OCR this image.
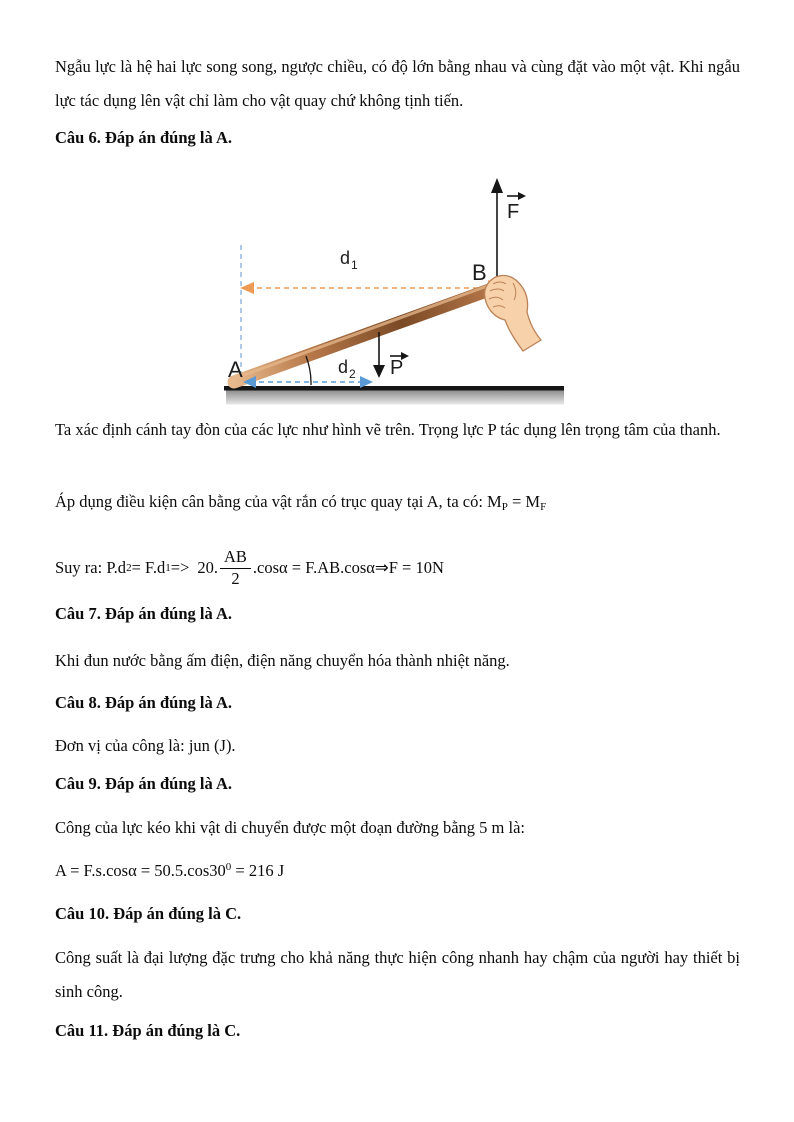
Ngẫu lực là hệ hai lực song song, ngược chiều, có độ lớn bằng nhau và cùng đặt vào một vật. Khi ngẫu lực tác dụng lên vật chỉ làm cho vật quay chứ không tịnh tiến.

Câu 6. Đáp án đúng là A.

A
B
F
P
d 1
d 2

Ta xác định cánh tay đòn của các lực như hình vẽ trên. Trọng lực P tác dụng lên trọng tâm của thanh.

Áp dụng điều kiện cân bằng của vật rắn có trục quay tại A, ta có: $M_P = M_F$

Suy ra: P.d 2 = F.d 1 => 20. $\frac{AB}{2} .\cos\alpha = F.AB.\cos\alpha$ ⇒ F = 10N

Câu 7. Đáp án đúng là A.

Khi đun nước bằng ấm điện, điện năng chuyển hóa thành nhiệt năng.

Câu 8. Đáp án đúng là A.

Đơn vị của công là: jun (J).

Câu 9. Đáp án đúng là A.

Công của lực kéo khi vật di chuyển được một đoạn đường bằng 5 m là:

$A = F.s.\cos\alpha = 50.5.\cos 30^0 = 216$ J

Câu 10. Đáp án đúng là C.

Công suất là đại lượng đặc trưng cho khả năng thực hiện công nhanh hay chậm của người hay thiết bị sinh công.

Câu 11. Đáp án đúng là C.
